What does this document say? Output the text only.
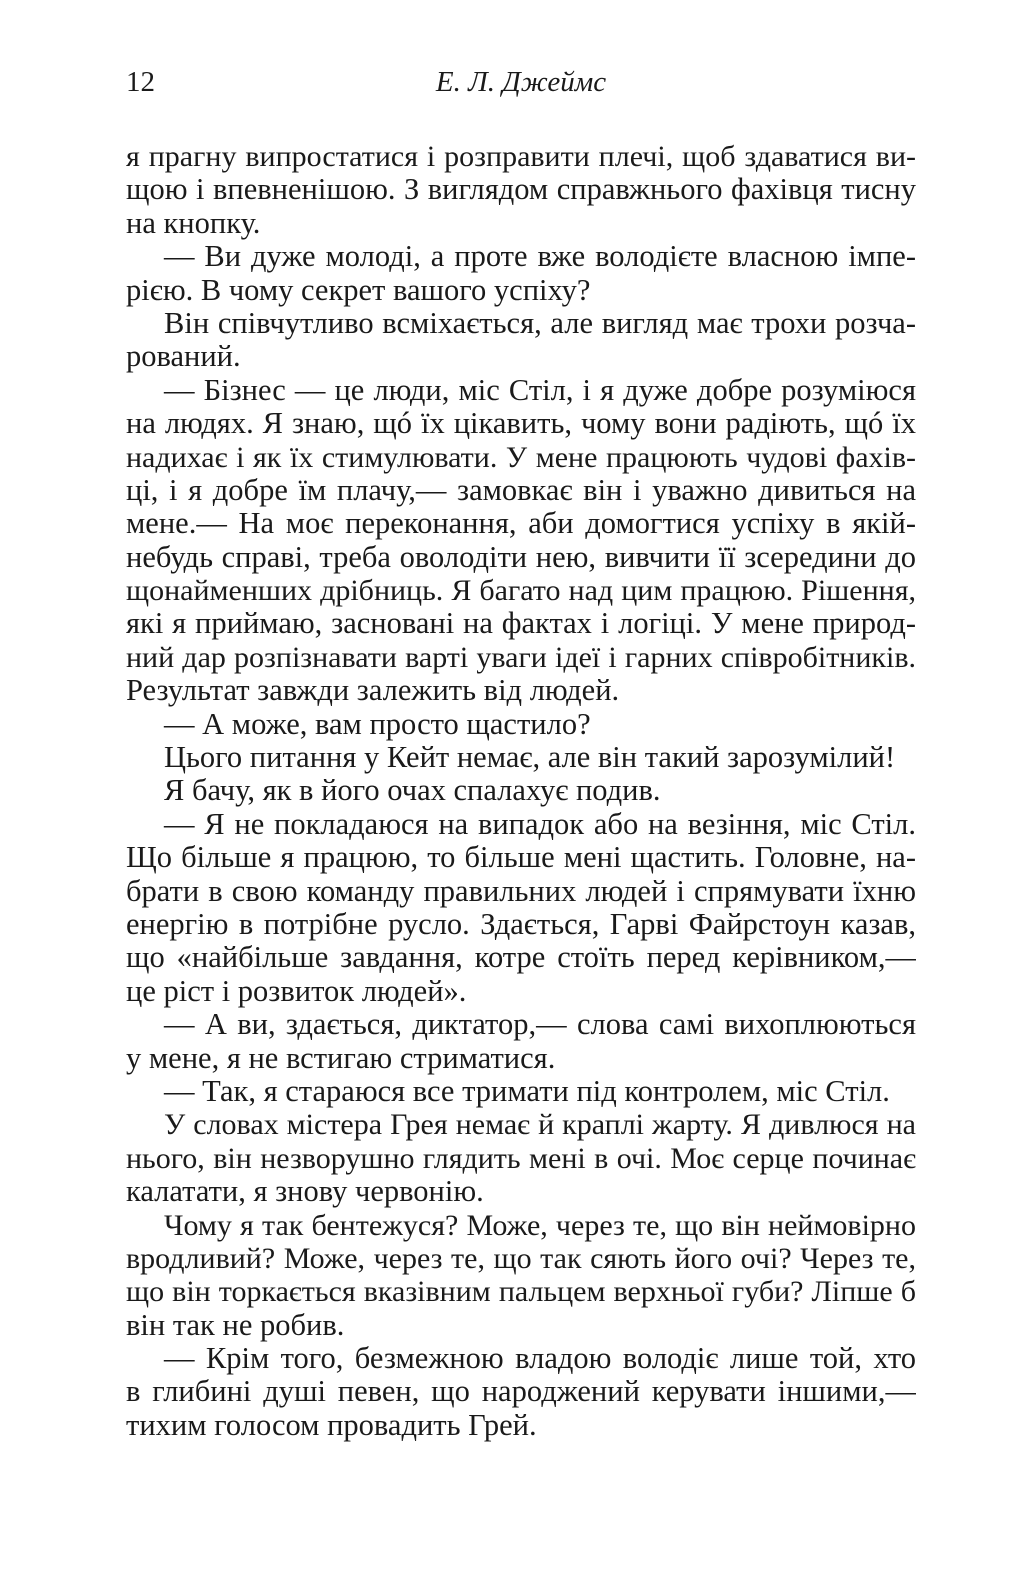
12	Е. Л. Джеймс
я прагну випростатися і розправити плечі, щоб здаватися ви-
щою і впевненішою. З виглядом справжнього фахівця тисну
на кнопку.
— Ви дуже молоді, а проте вже володієте власною імпе-
рією. В чому секрет вашого успіху?
Він співчутливо всміхається, але вигляд має трохи розча-
рований.
— Бізнес — це люди, міс Стіл, і я дуже добре розуміюся
на людях. Я знаю, щó їх цікавить, чому вони радіють, щó їх
надихає і як їх стимулювати. У мене працюють чудові фахів-
ці, і я добре їм плачу,— замовкає він і уважно дивиться на
мене.— На моє переконання, аби домогтися успіху в якій-
небудь справі, треба оволодіти нею, вивчити її зсередини до
щонайменших дрібниць. Я багато над цим працюю. Рішення,
які я приймаю, засновані на фактах і логіці. У мене природ-
ний дар розпізнавати варті уваги ідеї і гарних співробітників.
Результат завжди залежить від людей.
— А може, вам просто щастило?
Цього питання у Кейт немає, але він такий зарозумілий!
Я бачу, як в його очах спалахує подив.
— Я не покладаюся на випадок або на везіння, міс Стіл.
Що більше я працюю, то більше мені щастить. Головне, на-
брати в свою команду правильних людей і спрямувати їхню
енергію в потрібне русло. Здається, Гарві Файрстоун казав,
що «найбільше завдання, котре стоїть перед керівником,—
це ріст і розвиток людей».
— А ви, здається, диктатор,— слова самі вихоплюються
у мене, я не встигаю стриматися.
— Так, я стараюся все тримати під контролем, міс Стіл.
У словах містера Грея немає й краплі жарту. Я дивлюся на
нього, він незворушно глядить мені в очі. Моє серце починає
калатати, я знову червонію.
Чому я так бентежуся? Може, через те, що він неймовірно
вродливий? Може, через те, що так сяють його очі? Через те,
що він торкається вказівним пальцем верхньої губи? Ліпше б
він так не робив.
— Крім того, безмежною владою володіє лише той, хто
в глибині душі певен, що народжений керувати іншими,—
тихим голосом провадить Грей.
